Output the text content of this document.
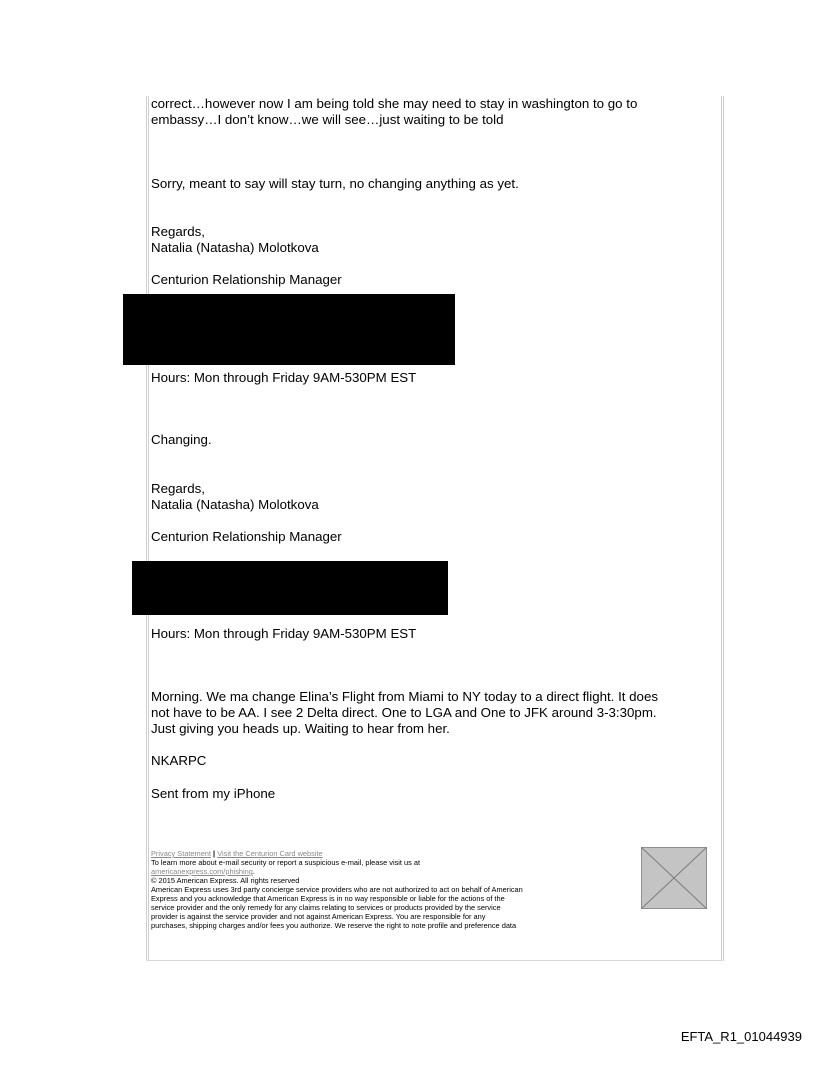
correct…however now I am being told she may need to stay in washington to go to
embassy…I don’t know…we will see…just waiting to be told
Sorry, meant to say will stay turn, no changing anything as yet.
Regards,
Natalia (Natasha) Molotkova
Centurion Relationship Manager
Hours: Mon through Friday 9AM-530PM EST
Changing.
Regards,
Natalia (Natasha) Molotkova
Centurion Relationship Manager
Hours: Mon through Friday 9AM-530PM EST
Morning. We ma change Elina’s Flight from Miami to NY today to a direct flight. It does
not have to be AA. I see 2 Delta direct. One to LGA and One to JFK around 3-3:30pm.
Just giving you heads up. Waiting to hear from her.
NKARPC
Sent from my iPhone
Privacy Statement | Visit the Centurion Card website
To learn more about e-mail security or report a suspicious e-mail, please visit us at
americanexpress.com/phishing.
© 2015 American Express. All rights reserved
American Express uses 3rd party concierge service providers who are not authorized to act on behalf of American
Express and you acknowledge that American Express is in no way responsible or liable for the actions of the
service provider and the only remedy for any claims relating to services or products provided by the service
provider is against the service provider and not against American Express. You are responsible for any
purchases, shipping charges and/or fees you authorize. We reserve the right to note profile and preference data
EFTA_R1_01044939
